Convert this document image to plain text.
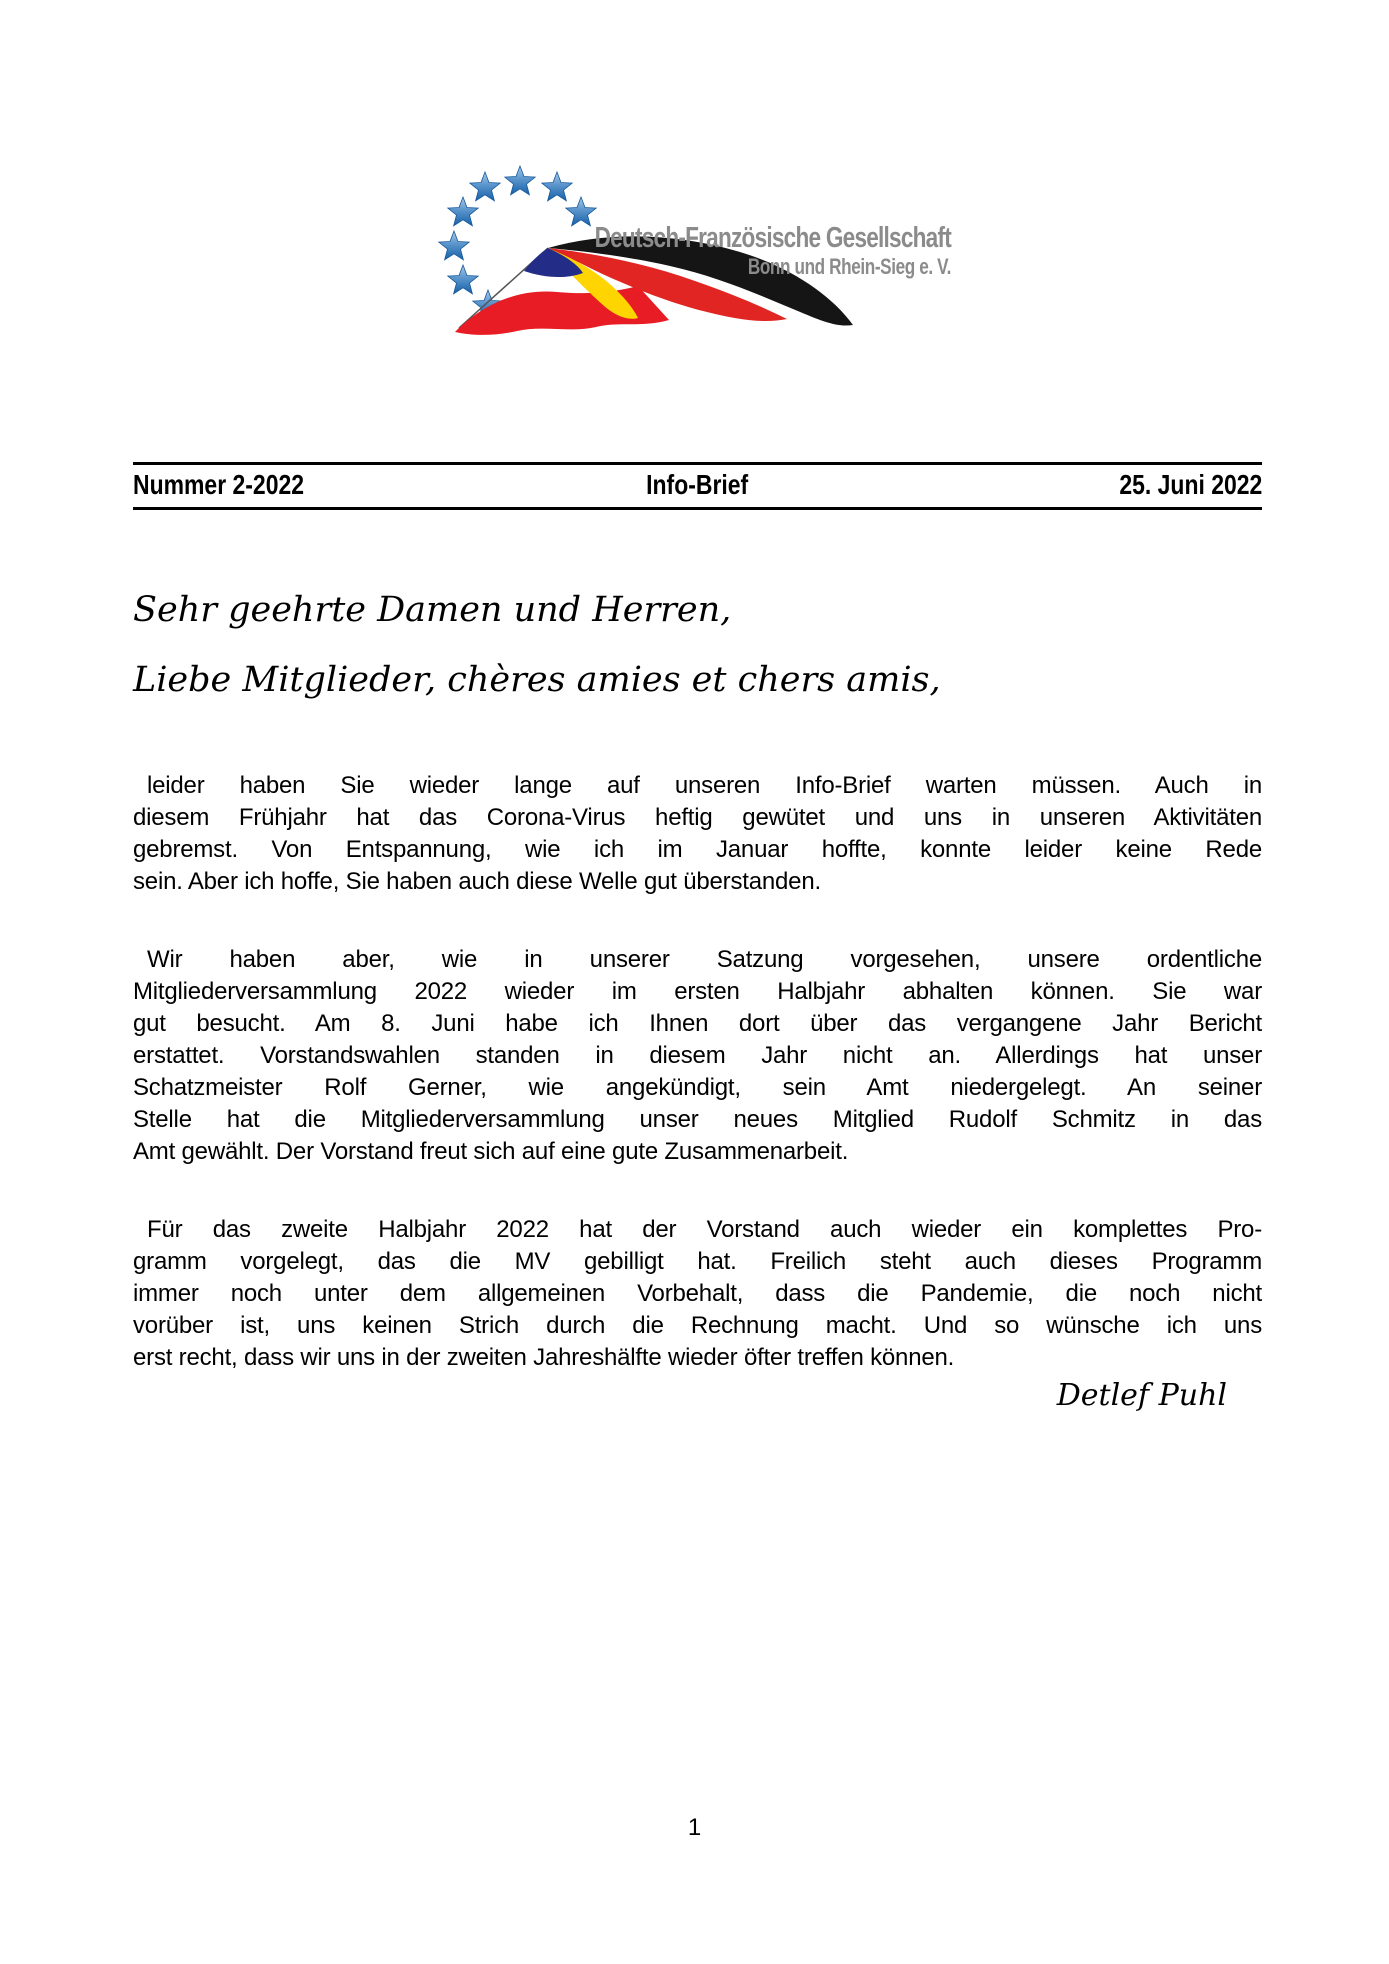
Deutsch-Französische Gesellschaft
Bonn und Rhein-Sieg e. V.
Nummer 2-2022	Info-Brief	25. Juni 2022
Sehr geehrte Damen und Herren,
Liebe Mitglieder, chères amies et chers amis,
leider haben Sie wieder lange auf unseren Info-Brief warten müssen. Auch in
diesem Frühjahr hat das Corona-Virus heftig gewütet und uns in unseren Aktivitäten
gebremst. Von Entspannung, wie ich im Januar hoffte, konnte leider keine Rede
sein. Aber ich hoffe, Sie haben auch diese Welle gut überstanden.
Wir haben aber, wie in unserer Satzung vorgesehen, unsere ordentliche
Mitgliederversammlung 2022 wieder im ersten Halbjahr abhalten können. Sie war
gut besucht. Am 8. Juni habe ich Ihnen dort über das vergangene Jahr Bericht
erstattet. Vorstandswahlen standen in diesem Jahr nicht an. Allerdings hat unser
Schatzmeister Rolf Gerner, wie angekündigt, sein Amt niedergelegt. An seiner
Stelle hat die Mitgliederversammlung unser neues Mitglied Rudolf Schmitz in das
Amt gewählt. Der Vorstand freut sich auf eine gute Zusammenarbeit.
Für das zweite Halbjahr 2022 hat der Vorstand auch wieder ein komplettes Pro-
gramm vorgelegt, das die MV gebilligt hat. Freilich steht auch dieses Programm
immer noch unter dem allgemeinen Vorbehalt, dass die Pandemie, die noch nicht
vorüber ist, uns keinen Strich durch die Rechnung macht. Und so wünsche ich uns
erst recht, dass wir uns in der zweiten Jahreshälfte wieder öfter treffen können.
Detlef Puhl
1
